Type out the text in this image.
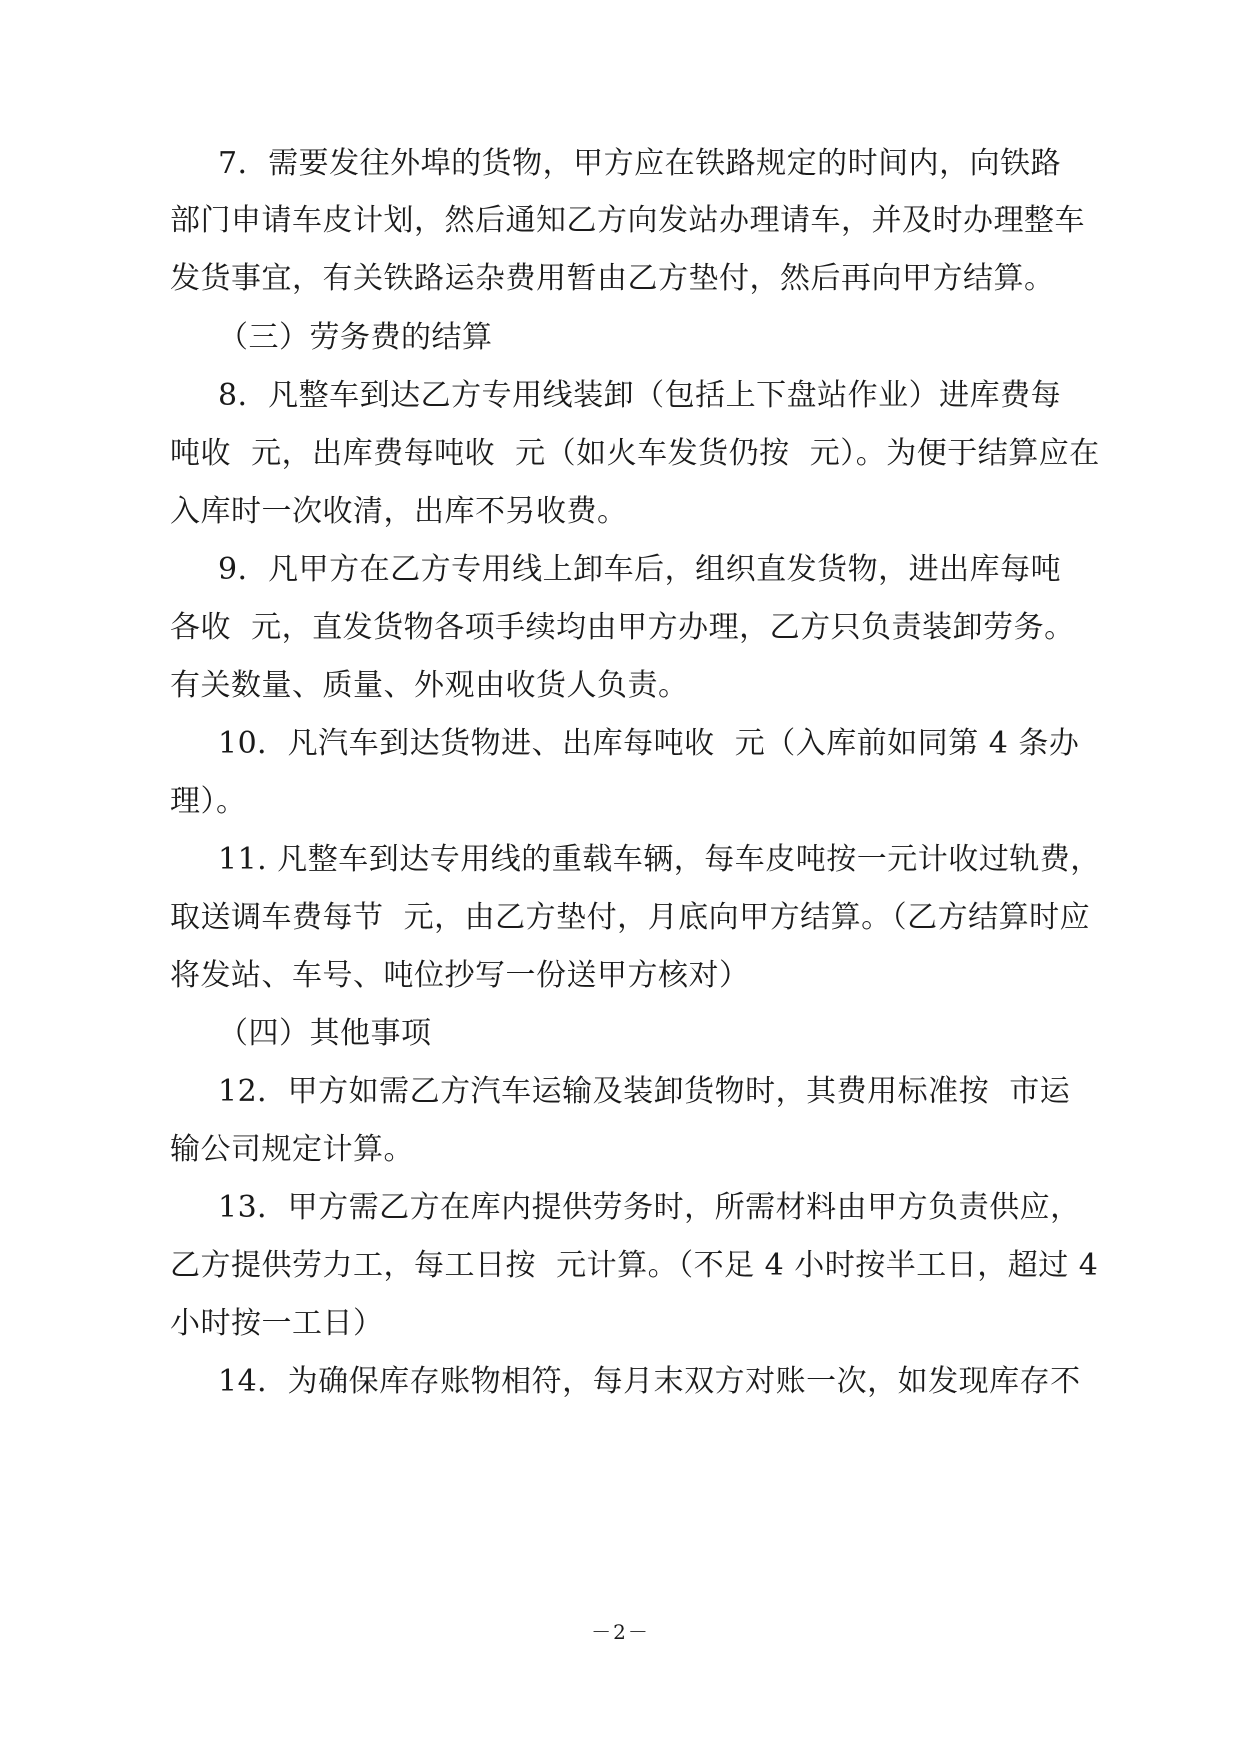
7．需要发往外埠的货物，甲方应在铁路规定的时间内，向铁路
部门申请车皮计划，然后通知乙方向发站办理请车，并及时办理整车
发货事宜，有关铁路运杂费用暂由乙方垫付，然后再向甲方结算。
（三）劳务费的结算
8．凡整车到达乙方专用线装卸（包括上下盘站作业）进库费每
吨收  元，出库费每吨收  元（如火车发货仍按  元）。为便于结算应在
入库时一次收清，出库不另收费。
9．凡甲方在乙方专用线上卸车后，组织直发货物，进出库每吨
各收  元，直发货物各项手续均由甲方办理，乙方只负责装卸劳务。
有关数量、质量、外观由收货人负责。
10．凡汽车到达货物进、出库每吨收  元（入库前如同第 4 条办
理）。
11. 凡整车到达专用线的重载车辆，每车皮吨按一元计收过轨费，
取送调车费每节  元，由乙方垫付，月底向甲方结算。（乙方结算时应
将发站、车号、吨位抄写一份送甲方核对）
（四）其他事项
12．甲方如需乙方汽车运输及装卸货物时，其费用标准按  市运
输公司规定计算。
13．甲方需乙方在库内提供劳务时，所需材料由甲方负责供应，
乙方提供劳力工，每工日按  元计算。（不足 4 小时按半工日，超过 4
小时按一工日）
14．为确保库存账物相符，每月末双方对账一次，如发现库存不
－2－
